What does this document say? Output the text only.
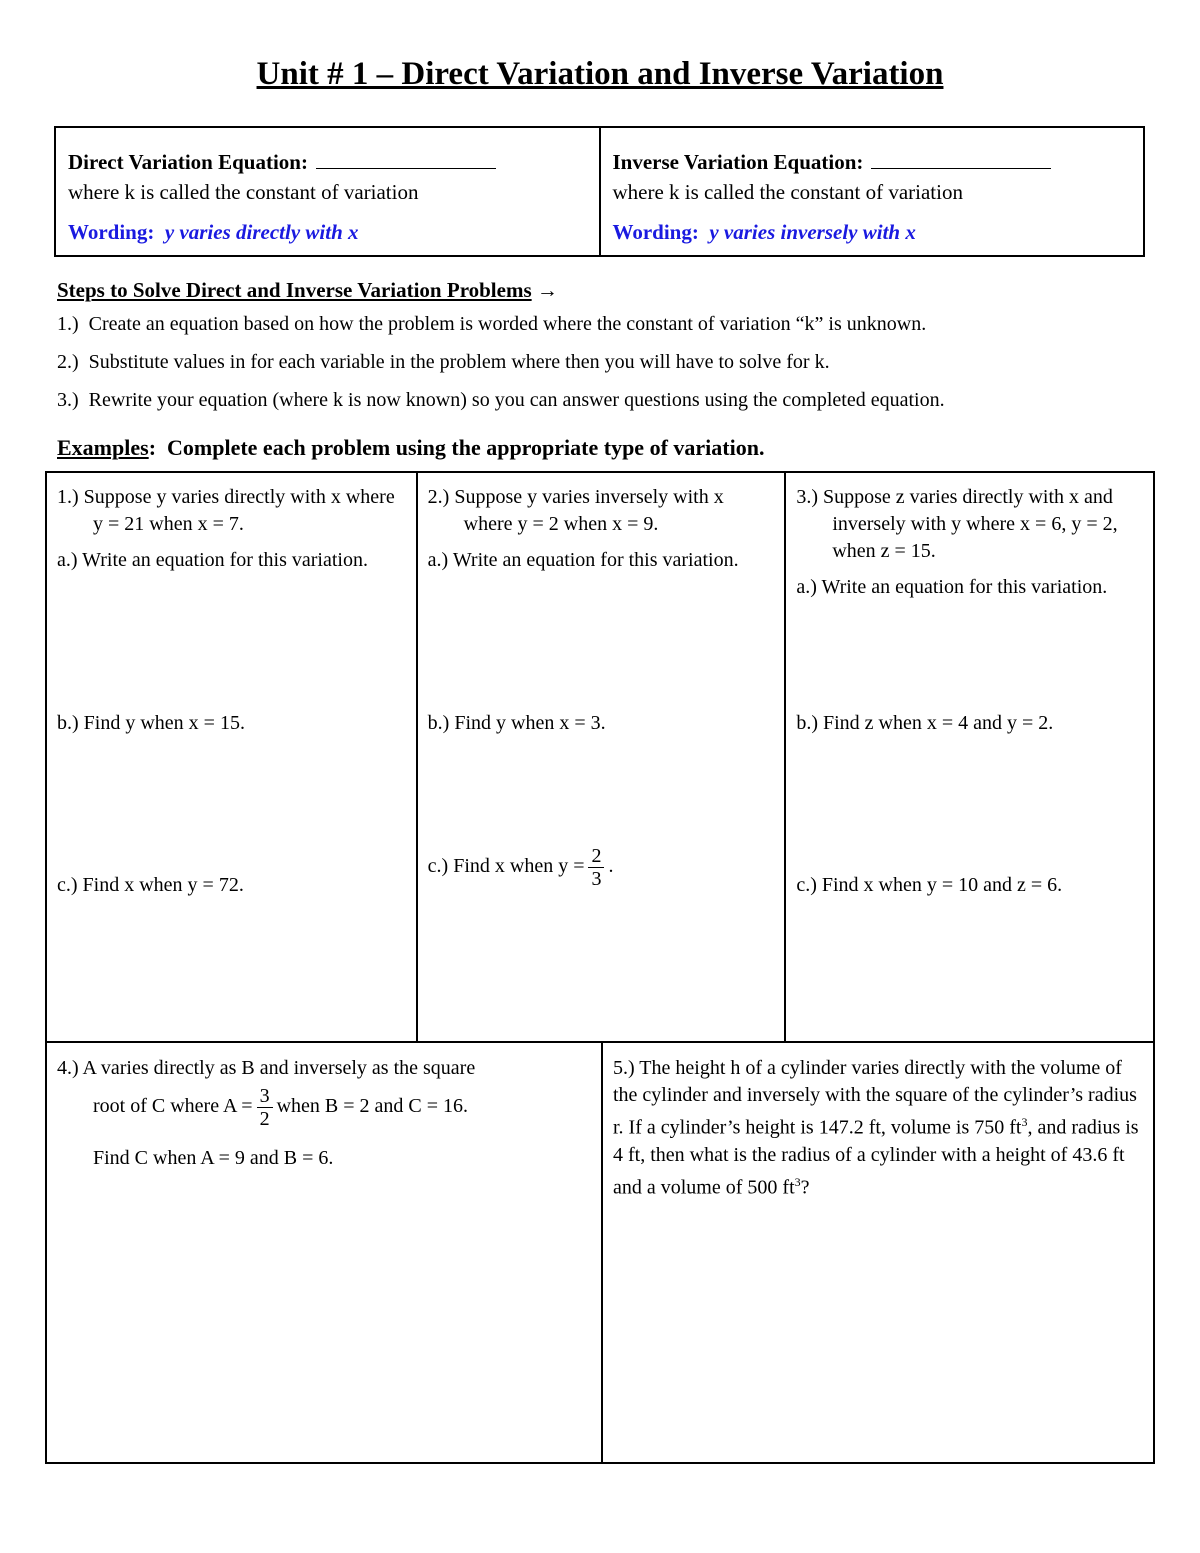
Unit # 1 – Direct Variation and Inverse Variation
Direct Variation Equation:
where k is called the constant of variation
Wording: y varies directly with x
Inverse Variation Equation:
where k is called the constant of variation
Wording: y varies inversely with x
Steps to Solve Direct and Inverse Variation Problems →
1.) Create an equation based on how the problem is worded where the constant of variation “k” is unknown.
2.) Substitute values in for each variable in the problem where then you will have to solve for k.
3.) Rewrite your equation (where k is now known) so you can answer questions using the completed equation.
Examples:  Complete each problem using the appropriate type of variation.
1.) Suppose y varies directly with x where y = 21 when x = 7.
a.) Write an equation for this variation.
b.) Find y when x = 15.
c.) Find x when y = 72.
2.) Suppose y varies inversely with x where y = 2 when x = 9.
a.) Write an equation for this variation.
b.) Find y when x = 3.
c.) Find x when $y = \frac{2}{3}$ .
3.) Suppose z varies directly with x and inversely with y where x = 6, y = 2, when z = 15.
a.) Write an equation for this variation.
b.) Find z when x = 4 and y = 2.
c.) Find x when y = 10 and z = 6.
4.) A varies directly as B and inversely as the square
root of C where $A = \frac{3}{2}$ when B = 2 and C = 16.
Find C when A = 9 and B = 6.
5.) The height h of a cylinder varies directly with the volume of the cylinder and inversely with the square of the cylinder’s radius r. If a cylinder’s height is 147.2 ft, volume is 750 $ft^3$, and radius is 4 ft, then what is the radius of a cylinder with a height of 43.6 ft and a volume of 500 $ft^3$?
